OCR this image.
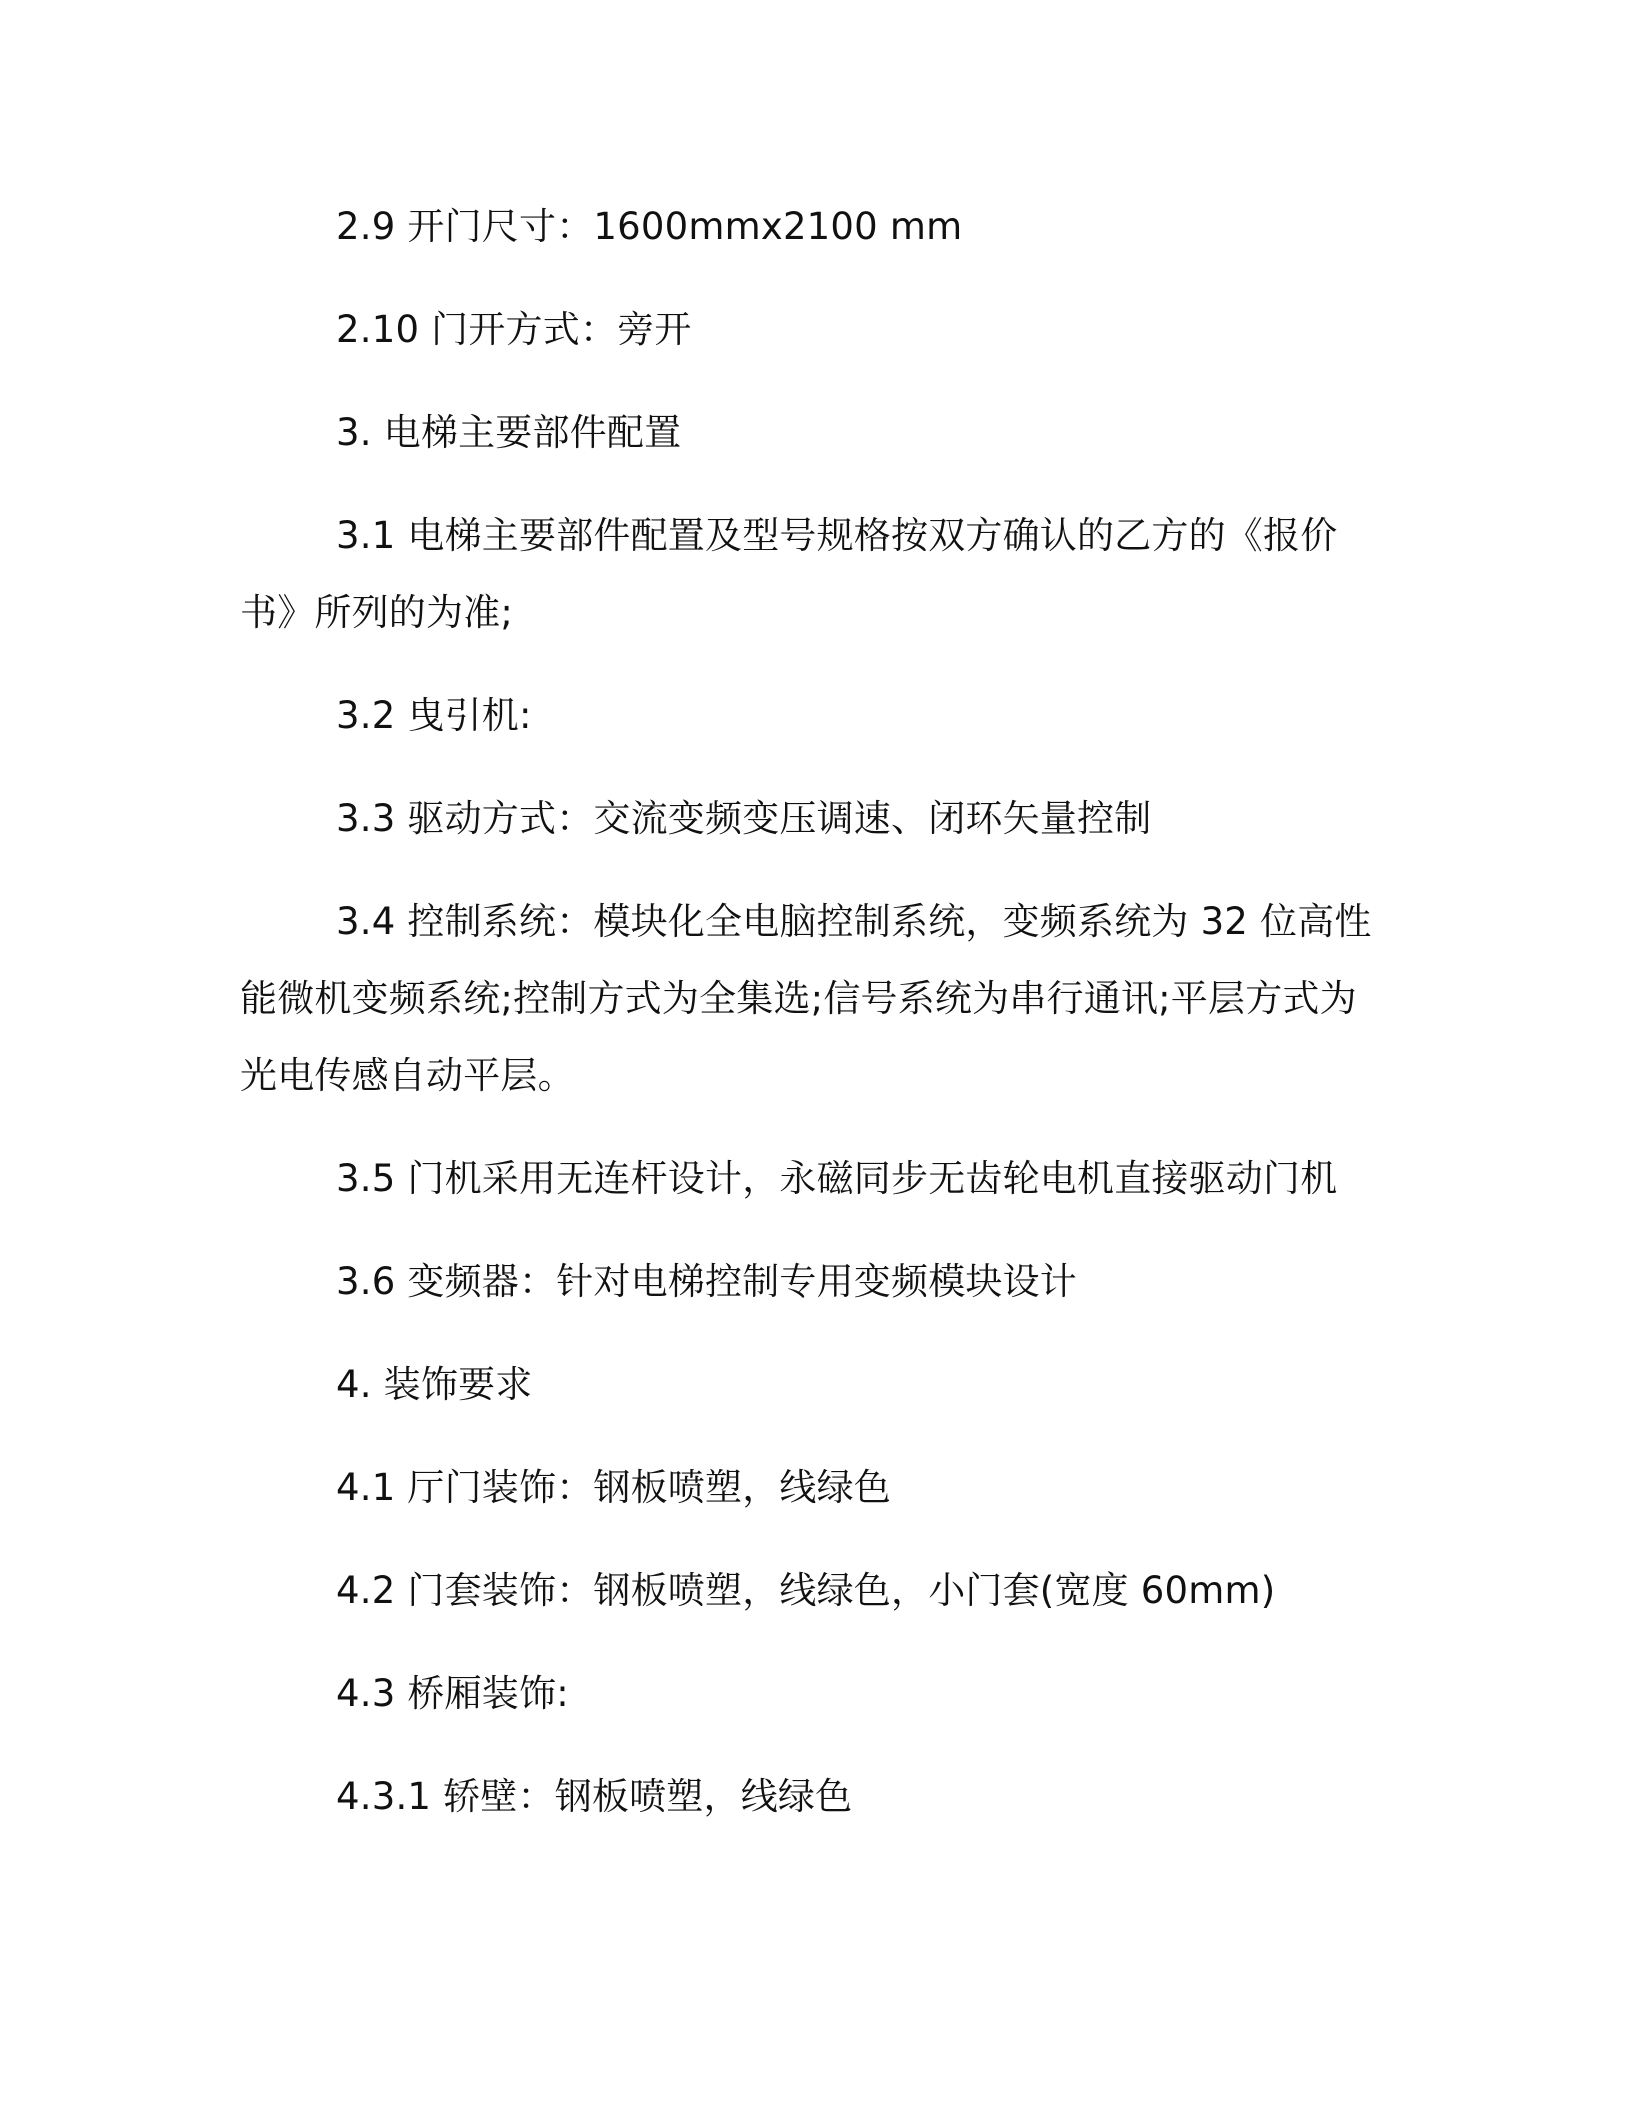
2.9 开门尺寸：1600mmx2100 mm

2.10 门开方式：旁开

3. 电梯主要部件配置

3.1 电梯主要部件配置及型号规格按双方确认的乙方的《报价书》所列的为准;

3.2 曳引机:

3.3 驱动方式：交流变频变压调速、闭环矢量控制

3.4 控制系统：模块化全电脑控制系统，变频系统为 32 位高性能微机变频系统;控制方式为全集选;信号系统为串行通讯;平层方式为光电传感自动平层。

3.5 门机采用无连杆设计，永磁同步无齿轮电机直接驱动门机

3.6 变频器：针对电梯控制专用变频模块设计

4. 装饰要求

4.1 厅门装饰：钢板喷塑，线绿色

4.2 门套装饰：钢板喷塑，线绿色，小门套(宽度 60mm)

4.3 桥厢装饰:

4.3.1 轿壁：钢板喷塑，线绿色
